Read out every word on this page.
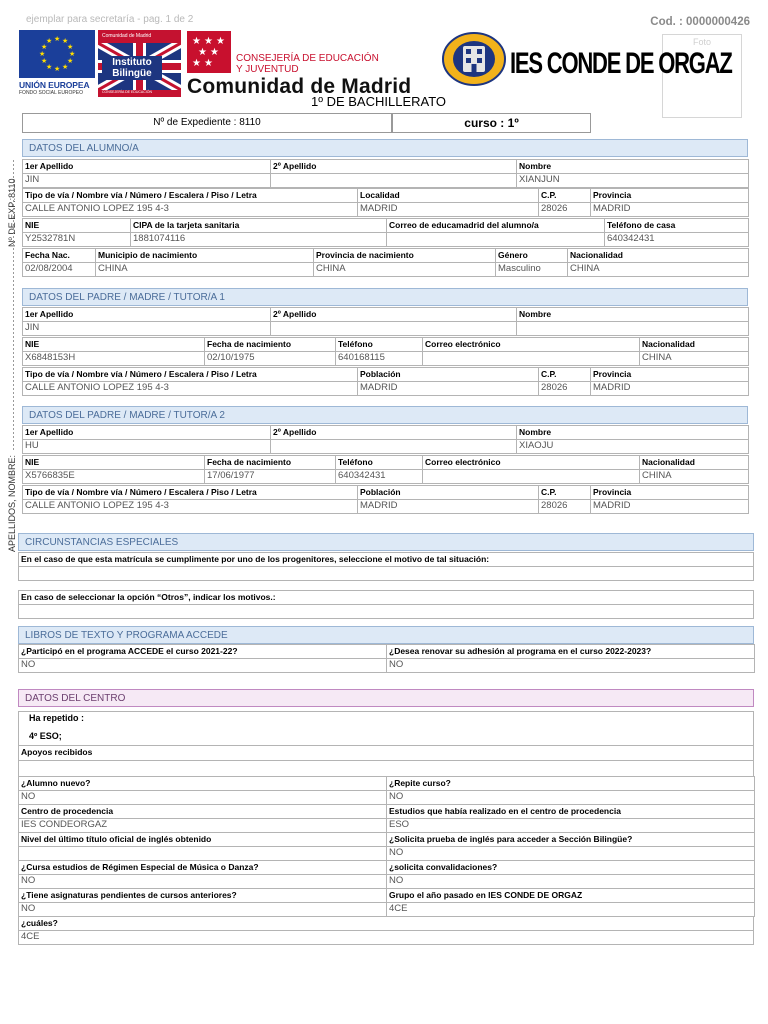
ejemplar para secretaría - pag. 1 de 2	Cod. : 0000000426
Foto
★ ★
★
★
★
★
★
★
★
★
★
★
UNIÓN EUROPEA
FONDO SOCIAL EUROPEO
Comunidad de Madrid
Instituto
Bilingüe
CONSEJERÍA DE EDUCACIÓN
★ ★ ★
★ ★
★ ★ CONSEJERÍA DE EDUCACIÓN
Y JUVENTUD
Comunidad de Madrid
IES CONDE DE ORGAZ
1º DE BACHILLERATO
Nº de Expediente : 8110	curso : 1º
Nº DE EXP.:8110
APELLIDOS, NOMBRE:
DATOS DEL ALUMNO/A
1er Apellido	2º Apellido	Nombre
JIN		XIANJUN
Tipo de vía / Nombre vía / Número / Escalera / Piso / Letra	Localidad	C.P.	Provincia
CALLE ANTONIO LOPEZ 195 4-3	MADRID	28026	MADRID
NIE	CIPA de la tarjeta sanitaria	Correo de educamadrid del alumno/a	Teléfono de casa
Y2532781N	1881074116		640342431
Fecha Nac.	Municipio de nacimiento	Provincia de nacimiento	Género	Nacionalidad
02/08/2004	CHINA	CHINA	Masculino	CHINA
DATOS DEL PADRE / MADRE / TUTOR/A 1
1er Apellido	2º Apellido	Nombre
JIN		
NIE	Fecha de nacimiento	Teléfono	Correo electrónico	Nacionalidad
X6848153H	02/10/1975	640168115		CHINA
Tipo de vía / Nombre vía / Número / Escalera / Piso / Letra	Población	C.P.	Provincia
CALLE ANTONIO LOPEZ 195 4-3	MADRID	28026	MADRID
DATOS DEL PADRE / MADRE / TUTOR/A 2
1er Apellido	2º Apellido	Nombre
HU		XIAOJU
NIE	Fecha de nacimiento	Teléfono	Correo electrónico	Nacionalidad
X5766835E	17/06/1977	640342431		CHINA
Tipo de vía / Nombre vía / Número / Escalera / Piso / Letra	Población	C.P.	Provincia
CALLE ANTONIO LOPEZ 195 4-3	MADRID	28026	MADRID
CIRCUNSTANCIAS ESPECIALES
En el caso de que esta matrícula se cumplimente por uno de los progenitores, seleccione el motivo de tal situación:

En caso de seleccionar la opción “Otros”, indicar los motivos.:

LIBROS DE TEXTO Y PROGRAMA ACCEDE
¿Participó en el programa ACCEDE el curso 2021-22?	¿Desea renovar su adhesión al programa en el curso 2022-2023?
NO	NO
DATOS DEL CENTRO
Ha repetido :
4º ESO;
Apoyos recibidos

¿Alumno nuevo?	¿Repite curso?
NO	NO
Centro de procedencia	Estudios que había realizado en el centro de procedencia
IES CONDEORGAZ	ESO
Nivel del último título oficial de inglés obtenido	¿Solicita prueba de inglés para acceder a Sección Bilingüe?
	NO
¿Cursa estudios de Régimen Especial de Música o Danza?	¿solicita convalidaciones?
NO	NO
¿Tiene asignaturas pendientes de cursos anteriores?	Grupo el año pasado en IES CONDE DE ORGAZ
NO	4CE
¿cuáles?
4CE
